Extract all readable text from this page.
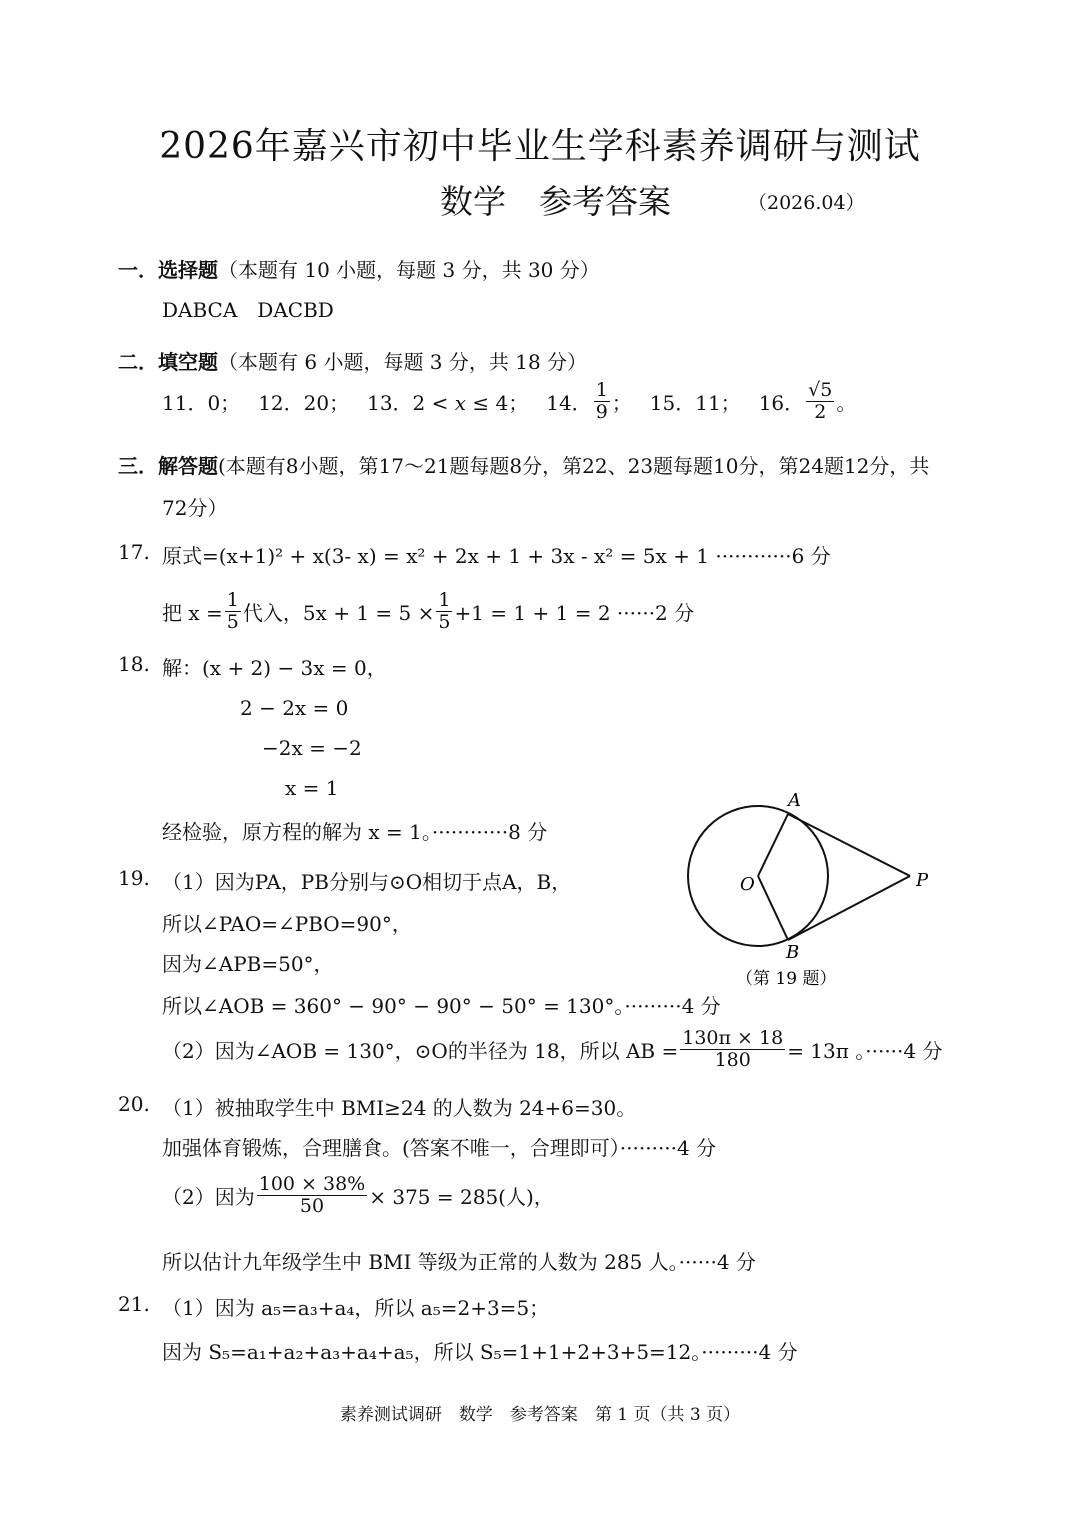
2026年嘉兴市初中毕业生学科素养调研与测试
数学　参考答案	（2026.04）
一．选择题（本题有 10 小题，每题 3 分，共 30 分）
DABCA　DACBD
二．填空题（本题有 6 小题，每题 3 分，共 18 分）
11．0； 12．20； 13．2 < x ≤ 4； 14． $\frac{1}{9}$ ； 15．11； 16． $\frac{√5}{2}$ 。
三．解答题(本题有8小题，第17～21题每题8分，第22、23题每题10分，第24题12分，共
72分）
17. 原式=(x+1)² + x(3- x) = x² + 2x + 1 + 3x - x² = 5x + 1 ············6 分
把 $x = \frac{1}{5}$ 代入，$5x + 1 = 5 \times \frac{1}{5} +1 = 1 + 1 = 2 \cdot\cdot\cdot\cdot\cdot\cdot 2$ 分
18. 解：(x + 2) − 3x = 0，
2 − 2x = 0
−2x = −2
x = 1
经检验，原方程的解为 x = 1。············8 分
A
B
O	P
（第 19 题）
19. （1）因为PA，PB分别与⊙O相切于点A，B，
所以∠PAO=∠PBO=90°，
因为∠APB=50°，
所以∠AOB = 360° − 90° − 90° − 50° = 130°。·········4 分
（2）因为∠AOB = 130°，⊙O的半径为 18，所以 AB = $\frac{130\pi \times 18}{180} = 13\pi$ 。······4 分
20. （1）被抽取学生中 BMI≥24 的人数为 24+6=30。
加强体育锻炼，合理膳食。(答案不唯一，合理即可）·········4 分
（2）因为 $\frac{100 \times 38\%}{50} \times 375 = 285$(人)，
所以估计九年级学生中 BMI 等级为正常的人数为 285 人。······4 分
21. （1）因为 a₅=a₃+a₄，所以 a₅=2+3=5；
因为 S₅=a₁+a₂+a₃+a₄+a₅，所以 S₅=1+1+2+3+5=12。·········4 分
素养测试调研　数学　参考答案　第 1 页（共 3 页）
